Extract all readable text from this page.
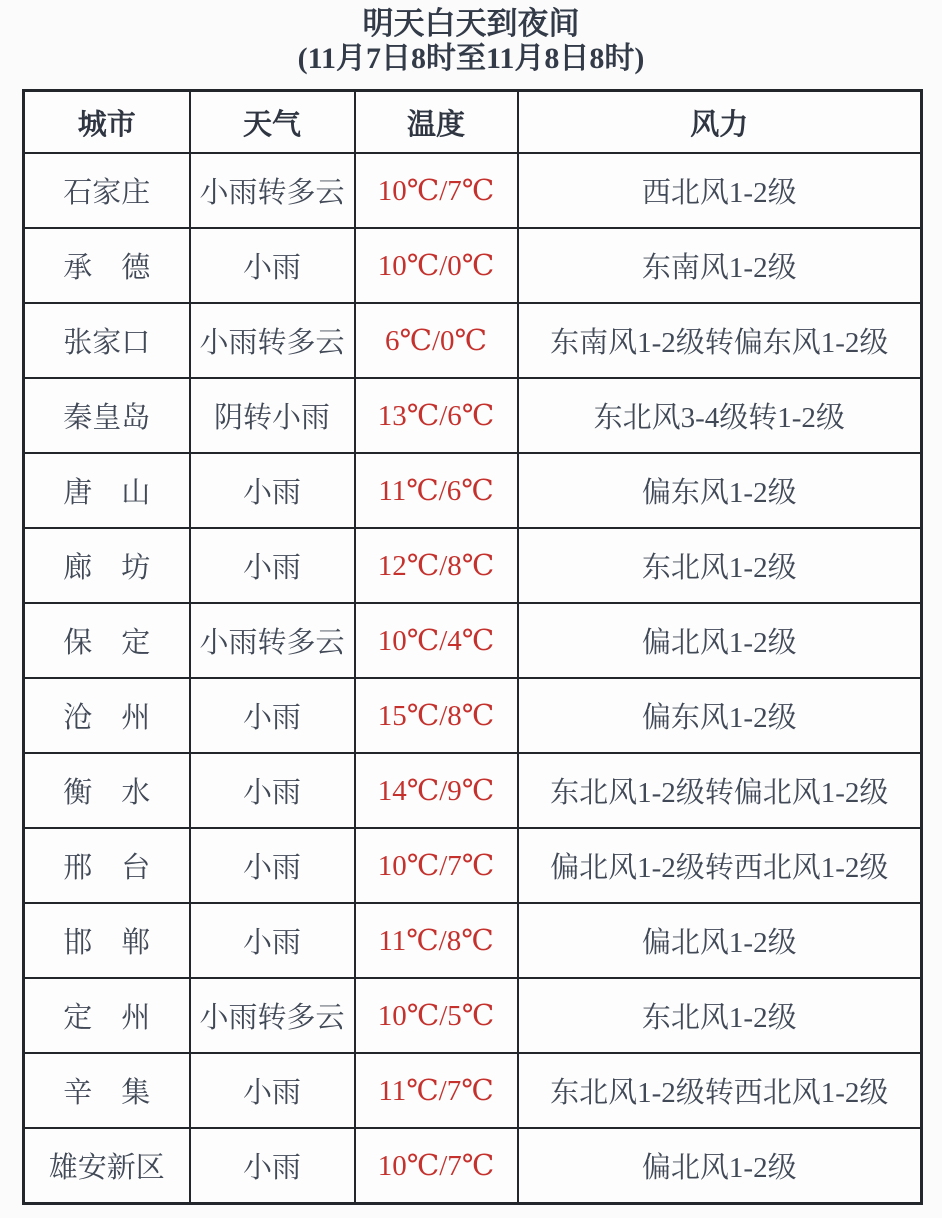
明天白天到夜间
(11月7日8时至11月8日8时)
城市	天气	温度	风力
石家庄	小雨转多云	10℃/7℃	西北风1-2级
承　德	小雨	10℃/0℃	东南风1-2级
张家口	小雨转多云	6℃/0℃	东南风1-2级转偏东风1-2级
秦皇岛	阴转小雨	13℃/6℃	东北风3-4级转1-2级
唐　山	小雨	11℃/6℃	偏东风1-2级
廊　坊	小雨	12℃/8℃	东北风1-2级
保　定	小雨转多云	10℃/4℃	偏北风1-2级
沧　州	小雨	15℃/8℃	偏东风1-2级
衡　水	小雨	14℃/9℃	东北风1-2级转偏北风1-2级
邢　台	小雨	10℃/7℃	偏北风1-2级转西北风1-2级
邯　郸	小雨	11℃/8℃	偏北风1-2级
定　州	小雨转多云	10℃/5℃	东北风1-2级
辛　集	小雨	11℃/7℃	东北风1-2级转西北风1-2级
雄安新区	小雨	10℃/7℃	偏北风1-2级
